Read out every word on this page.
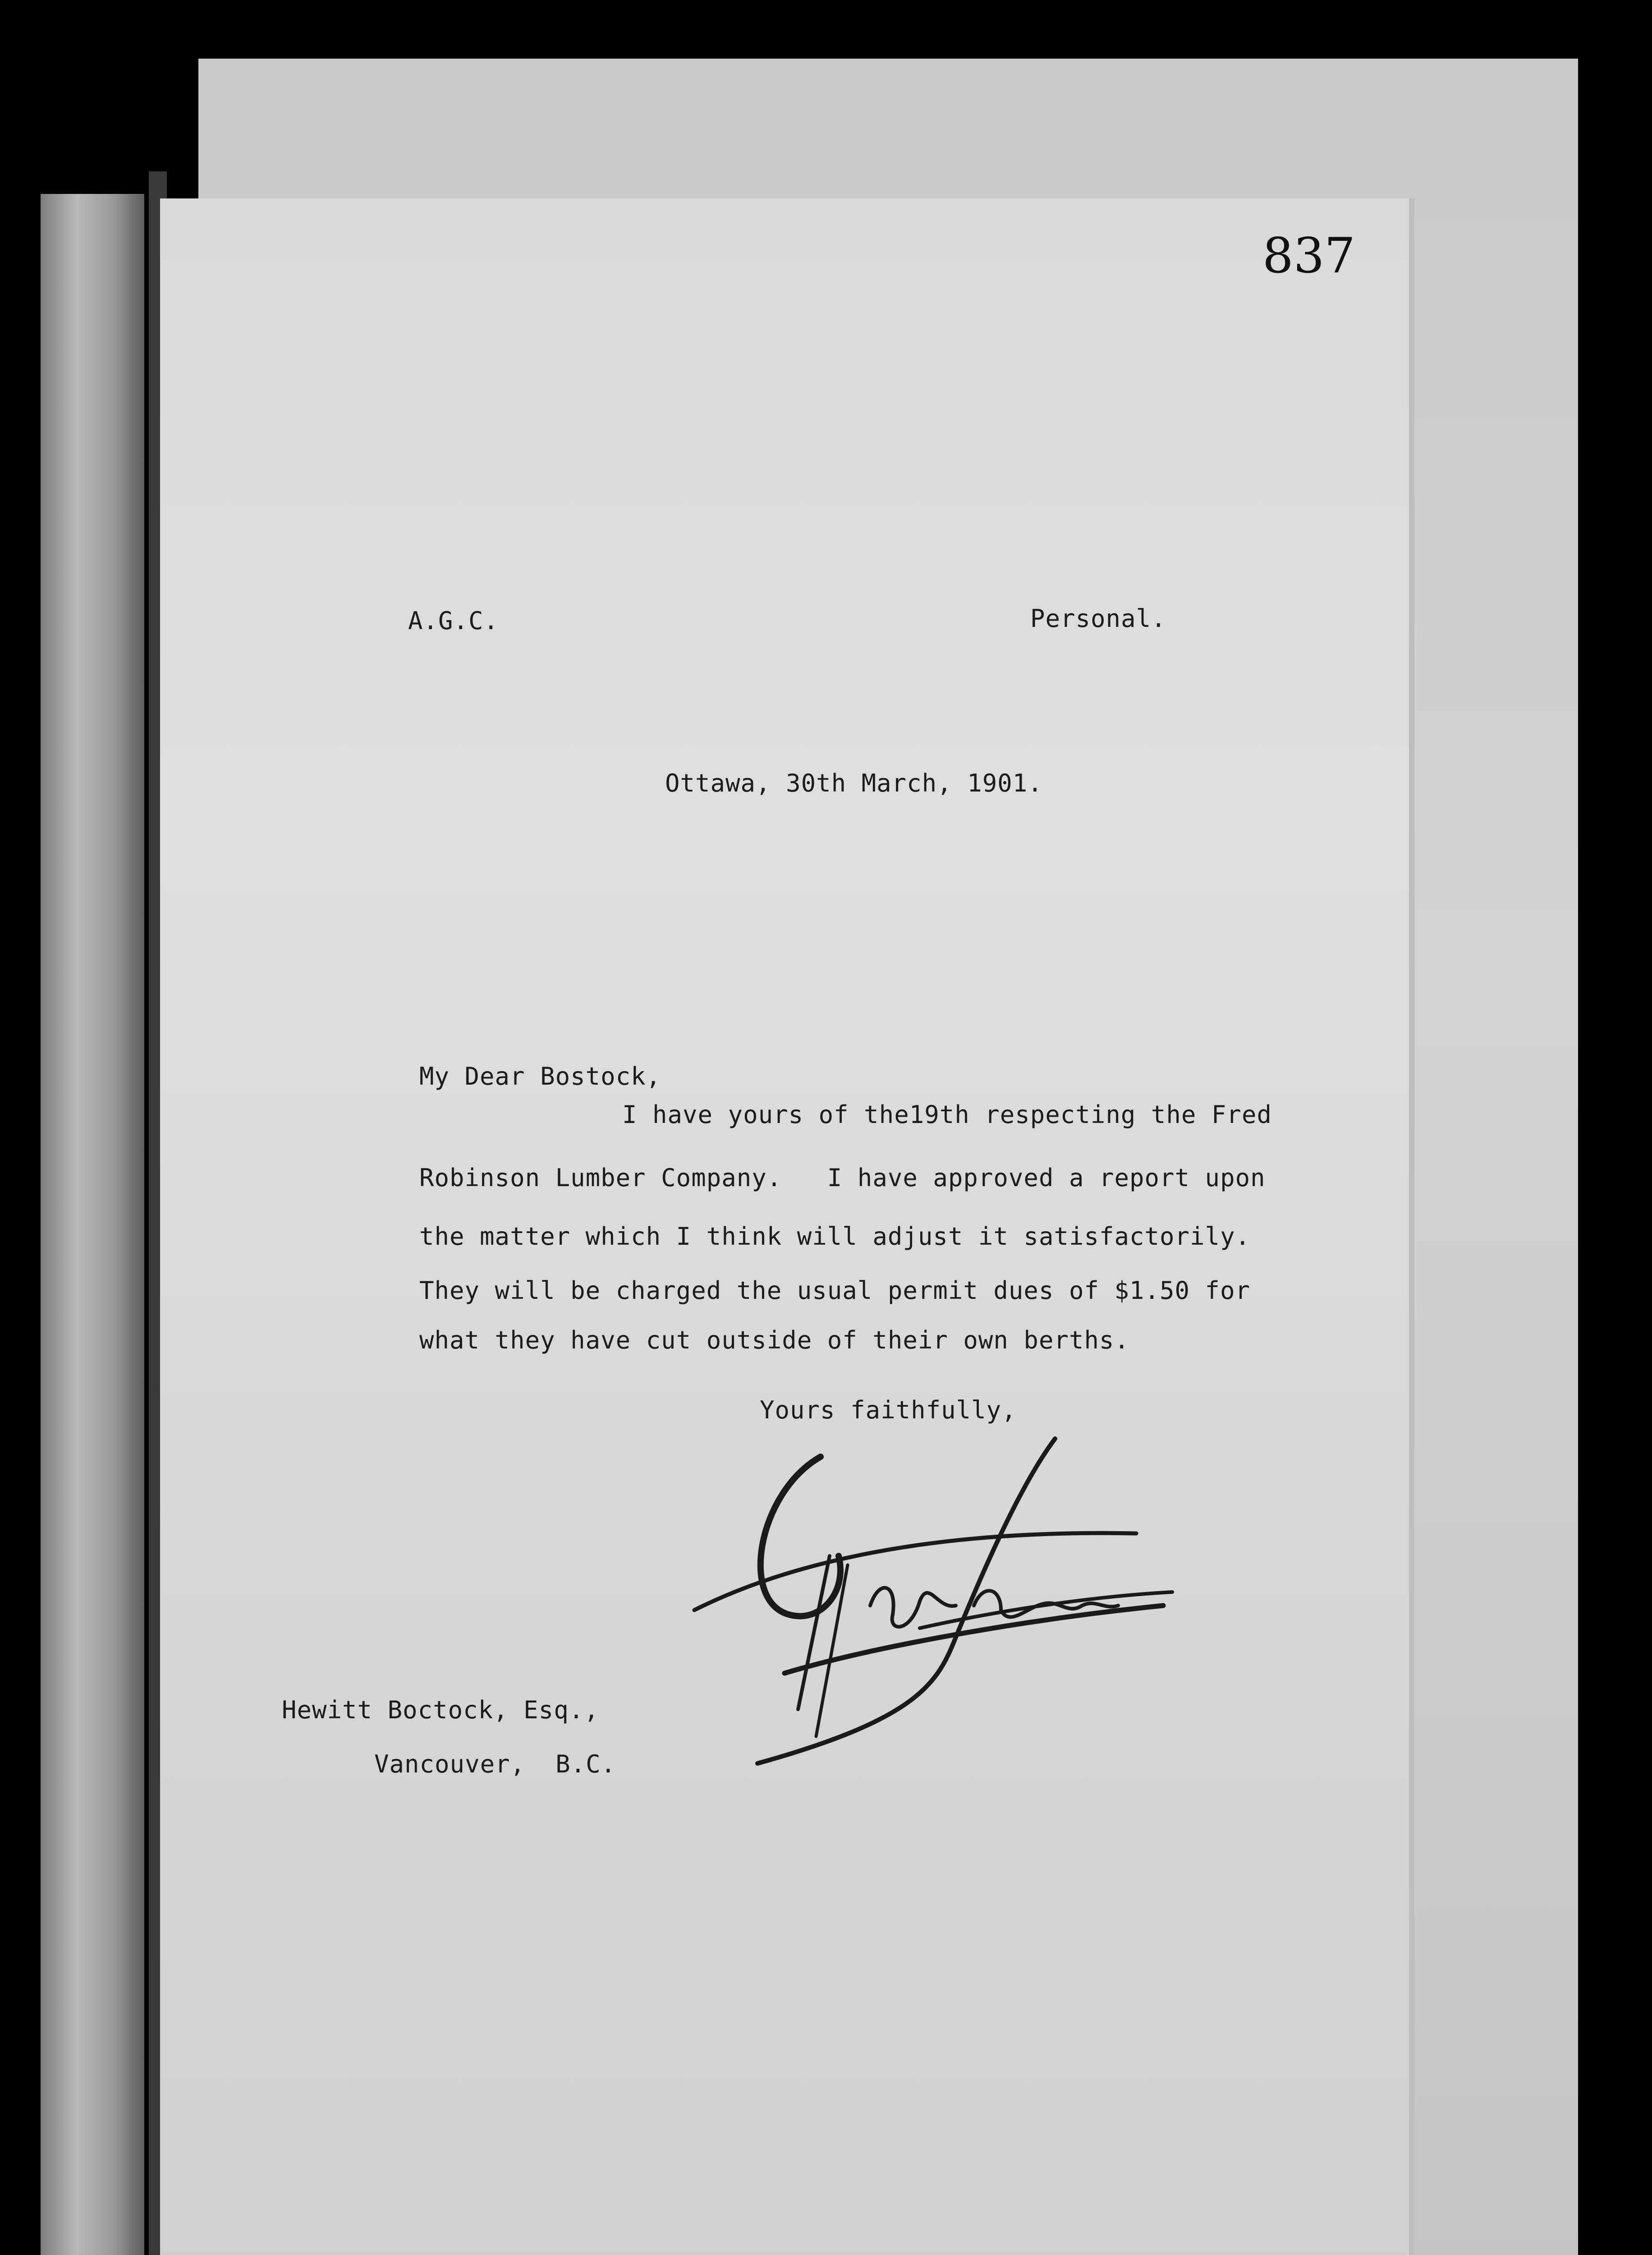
837
A.G.C.	Personal.
Ottawa, 30th March, 1901.
My Dear Bostock,
I have yours of the19th respecting the Fred
Robinson Lumber Company.   I have approved a report upon
the matter which I think will adjust it satisfactorily.
They will be charged the usual permit dues of $1.50 for
what they have cut outside of their own berths.
Yours faithfully,
Hewitt Boctock, Esq.,
Vancouver,  B.C.
